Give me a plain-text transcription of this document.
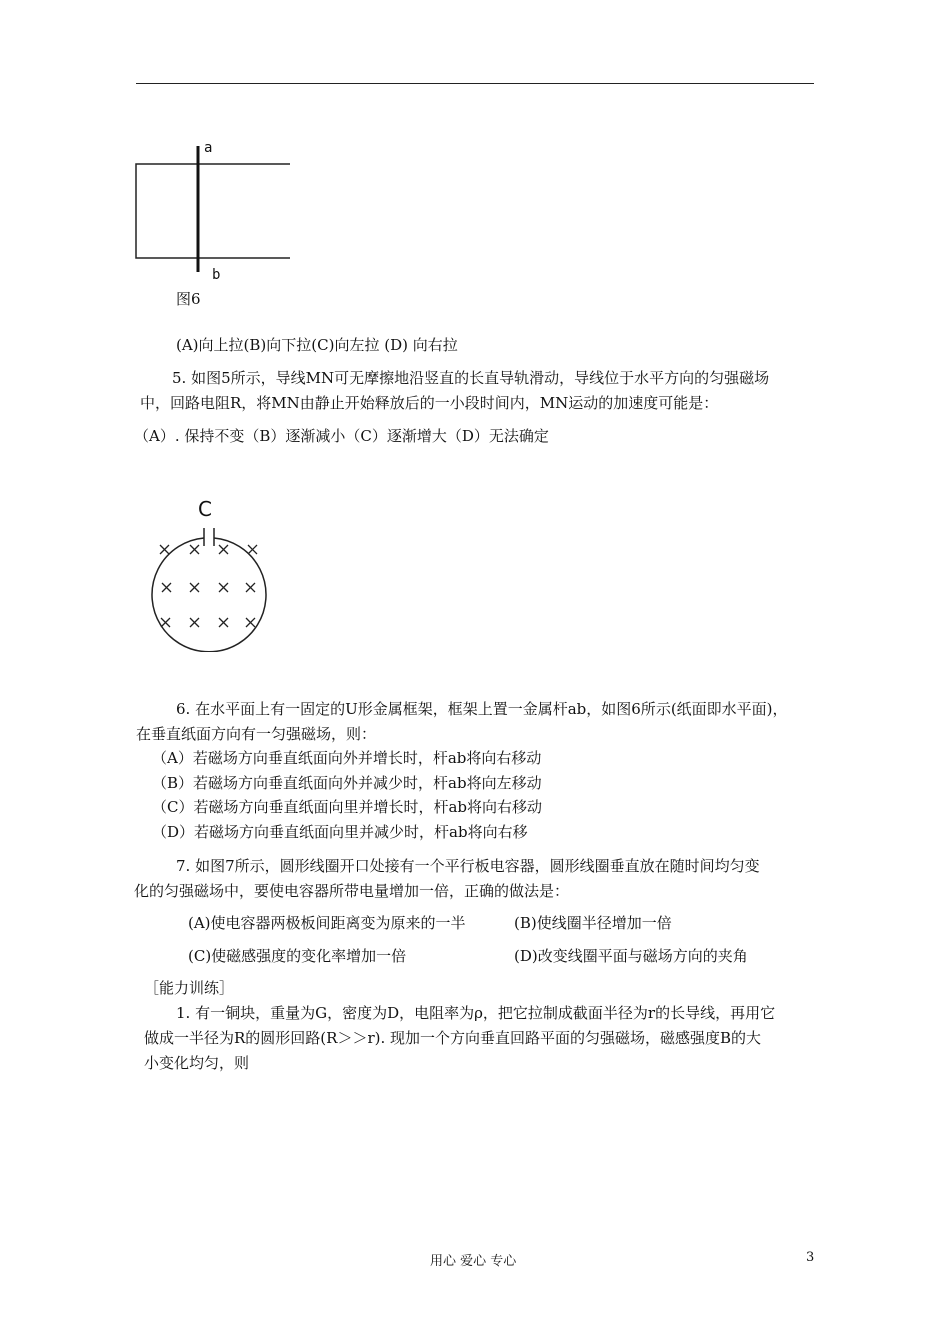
a
b
图6
(A)向上拉(B)向下拉(C)向左拉 (D) 向右拉
5. 如图5所示，导线MN可无摩擦地沿竖直的长直导轨滑动，导线位于水平方向的匀强磁场
中，回路电阻R，将MN由静止开始释放后的一小段时间内，MN运动的加速度可能是：
（A）. 保持不变（B）逐渐减小（C）逐渐增大（D）无法确定
C
6. 在水平面上有一固定的U形金属框架，框架上置一金属杆ab，如图6所示(纸面即水平面)，
在垂直纸面方向有一匀强磁场，则：
（A）若磁场方向垂直纸面向外并增长时，杆ab将向右移动
（B）若磁场方向垂直纸面向外并减少时，杆ab将向左移动
（C）若磁场方向垂直纸面向里并增长时，杆ab将向右移动
（D）若磁场方向垂直纸面向里并减少时，杆ab将向右移
7. 如图7所示，圆形线圈开口处接有一个平行板电容器，圆形线圈垂直放在随时间均匀变
化的匀强磁场中，要使电容器所带电量增加一倍，正确的做法是：
(A)使电容器两极板间距离变为原来的一半	(B)使线圈半径增加一倍
(C)使磁感强度的变化率增加一倍	(D)改变线圈平面与磁场方向的夹角
［能力训练］
1. 有一铜块，重量为G，密度为D，电阻率为ρ，把它拉制成截面半径为r的长导线，再用它
做成一半径为R的圆形回路(R＞＞r). 现加一个方向垂直回路平面的匀强磁场，磁感强度B的大
小变化均匀，则
用心 爱心 专心	3
